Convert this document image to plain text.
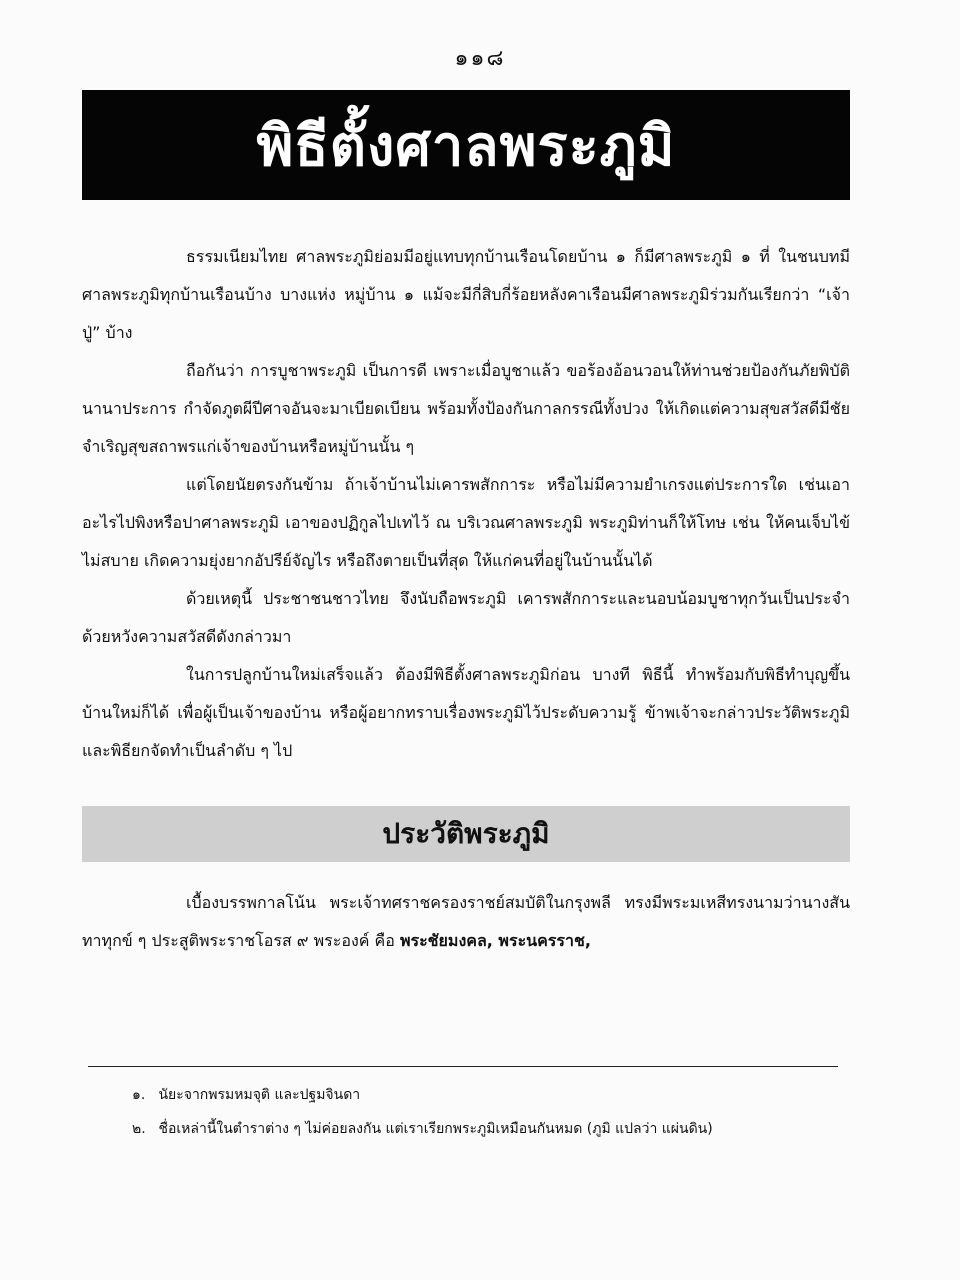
๑๑๘
พิธีตั้งศาลพระภูมิ

ธรรมเนียมไทย ศาลพระภูมิย่อมมีอยู่แทบทุกบ้านเรือนโดยบ้าน ๑ ก็มีศาลพระภูมิ ๑ ที่ ในชนบทมีศาลพระภูมิทุกบ้านเรือนบ้าง บางแห่ง หมู่บ้าน ๑ แม้จะมีกี่สิบกี่ร้อยหลังคาเรือนมีศาลพระภูมิร่วมกันเรียกว่า “เจ้าปู่” บ้าง

ถือกันว่า การบูชาพระภูมิ เป็นการดี เพราะเมื่อบูชาแล้ว ขอร้องอ้อนวอนให้ท่านช่วยป้องกันภัยพิบัตินานาประการ กำจัดภูตผีปีศาจอันจะมาเบียดเบียน พร้อมทั้งป้องกันกาลกรรณีทั้งปวง ให้เกิดแต่ความสุขสวัสดีมีชัยจำเริญสุขสถาพรแก่เจ้าของบ้านหรือหมู่บ้านนั้น ๆ

แต่โดยนัยตรงกันข้าม ถ้าเจ้าบ้านไม่เคารพสักการะ หรือไม่มีความยำเกรงแต่ประการใด เช่นเอาอะไรไปพิงหรือปาศาลพระภูมิ เอาของปฏิกูลไปเทไว้ ณ บริเวณศาลพระภูมิ พระภูมิท่านก็ให้โทษ เช่น ให้คนเจ็บไข้ไม่สบาย เกิดความยุ่งยากอัปรีย์จัญไร หรือถึงตายเป็นที่สุด ให้แก่คนที่อยู่ในบ้านนั้นได้

ด้วยเหตุนี้ ประชาชนชาวไทย จึงนับถือพระภูมิ เคารพสักการะและนอบน้อมบูชาทุกวันเป็นประจำ ด้วยหวังความสวัสดีดังกล่าวมา

ในการปลูกบ้านใหม่เสร็จแล้ว ต้องมีพิธีตั้งศาลพระภูมิก่อน บางที พิธีนี้ ทำพร้อมกับพิธีทำบุญขึ้นบ้านใหม่ก็ได้ เพื่อผู้เป็นเจ้าของบ้าน หรือผู้อยากทราบเรื่องพระภูมิไว้ประดับความรู้ ข้าพเจ้าจะกล่าวประวัติพระภูมิ และพิธียกจัดทำเป็นลำดับ ๆ ไป

ประวัติพระภูมิ

เบื้องบรรพกาลโน้น พระเจ้าทศราชครองราชย์สมบัติในกรุงพลี ทรงมีพระมเหสีทรงนามว่านางสันทาทุกข์ ๆ ประสูติพระราชโอรส ๙ พระองค์ คือ พระชัยมงคล, พระนครราช,

๑. นัยะจากพรมหมจุติ และปฐมจินดา
๒. ชื่อเหล่านี้ในตำราต่าง ๆ ไม่ค่อยลงกัน แต่เราเรียกพระภูมิเหมือนกันหมด (ภูมิ แปลว่า แผ่นดิน)
